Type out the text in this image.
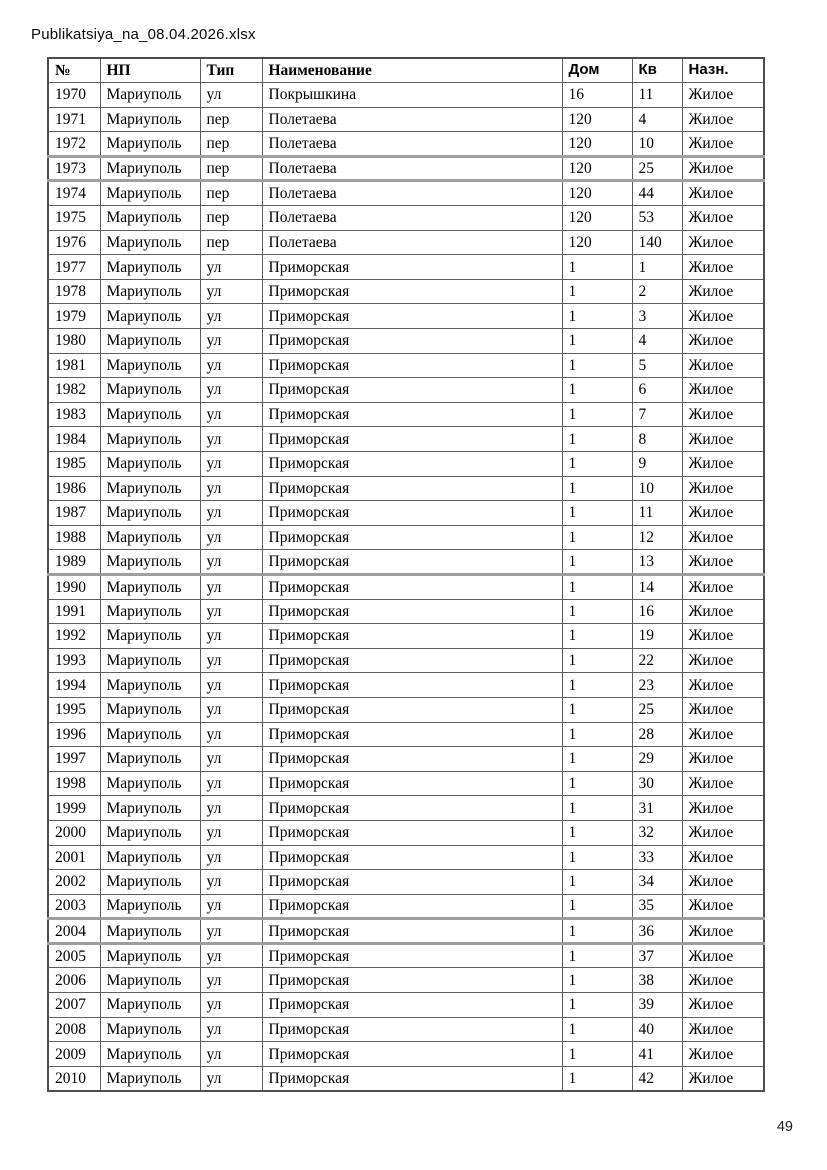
Publikatsiya_na_08.04.2026.xlsx
№	НП	Тип	Наименование	Дом	Кв	Назн.
1970	Мариуполь	ул	Покрышкина	16	11	Жилое
1971	Мариуполь	пер	Полетаева	120	4	Жилое
1972	Мариуполь	пер	Полетаева	120	10	Жилое
1973	Мариуполь	пер	Полетаева	120	25	Жилое
1974	Мариуполь	пер	Полетаева	120	44	Жилое
1975	Мариуполь	пер	Полетаева	120	53	Жилое
1976	Мариуполь	пер	Полетаева	120	140	Жилое
1977	Мариуполь	ул	Приморская	1	1	Жилое
1978	Мариуполь	ул	Приморская	1	2	Жилое
1979	Мариуполь	ул	Приморская	1	3	Жилое
1980	Мариуполь	ул	Приморская	1	4	Жилое
1981	Мариуполь	ул	Приморская	1	5	Жилое
1982	Мариуполь	ул	Приморская	1	6	Жилое
1983	Мариуполь	ул	Приморская	1	7	Жилое
1984	Мариуполь	ул	Приморская	1	8	Жилое
1985	Мариуполь	ул	Приморская	1	9	Жилое
1986	Мариуполь	ул	Приморская	1	10	Жилое
1987	Мариуполь	ул	Приморская	1	11	Жилое
1988	Мариуполь	ул	Приморская	1	12	Жилое
1989	Мариуполь	ул	Приморская	1	13	Жилое
1990	Мариуполь	ул	Приморская	1	14	Жилое
1991	Мариуполь	ул	Приморская	1	16	Жилое
1992	Мариуполь	ул	Приморская	1	19	Жилое
1993	Мариуполь	ул	Приморская	1	22	Жилое
1994	Мариуполь	ул	Приморская	1	23	Жилое
1995	Мариуполь	ул	Приморская	1	25	Жилое
1996	Мариуполь	ул	Приморская	1	28	Жилое
1997	Мариуполь	ул	Приморская	1	29	Жилое
1998	Мариуполь	ул	Приморская	1	30	Жилое
1999	Мариуполь	ул	Приморская	1	31	Жилое
2000	Мариуполь	ул	Приморская	1	32	Жилое
2001	Мариуполь	ул	Приморская	1	33	Жилое
2002	Мариуполь	ул	Приморская	1	34	Жилое
2003	Мариуполь	ул	Приморская	1	35	Жилое
2004	Мариуполь	ул	Приморская	1	36	Жилое
2005	Мариуполь	ул	Приморская	1	37	Жилое
2006	Мариуполь	ул	Приморская	1	38	Жилое
2007	Мариуполь	ул	Приморская	1	39	Жилое
2008	Мариуполь	ул	Приморская	1	40	Жилое
2009	Мариуполь	ул	Приморская	1	41	Жилое
2010	Мариуполь	ул	Приморская	1	42	Жилое
49
